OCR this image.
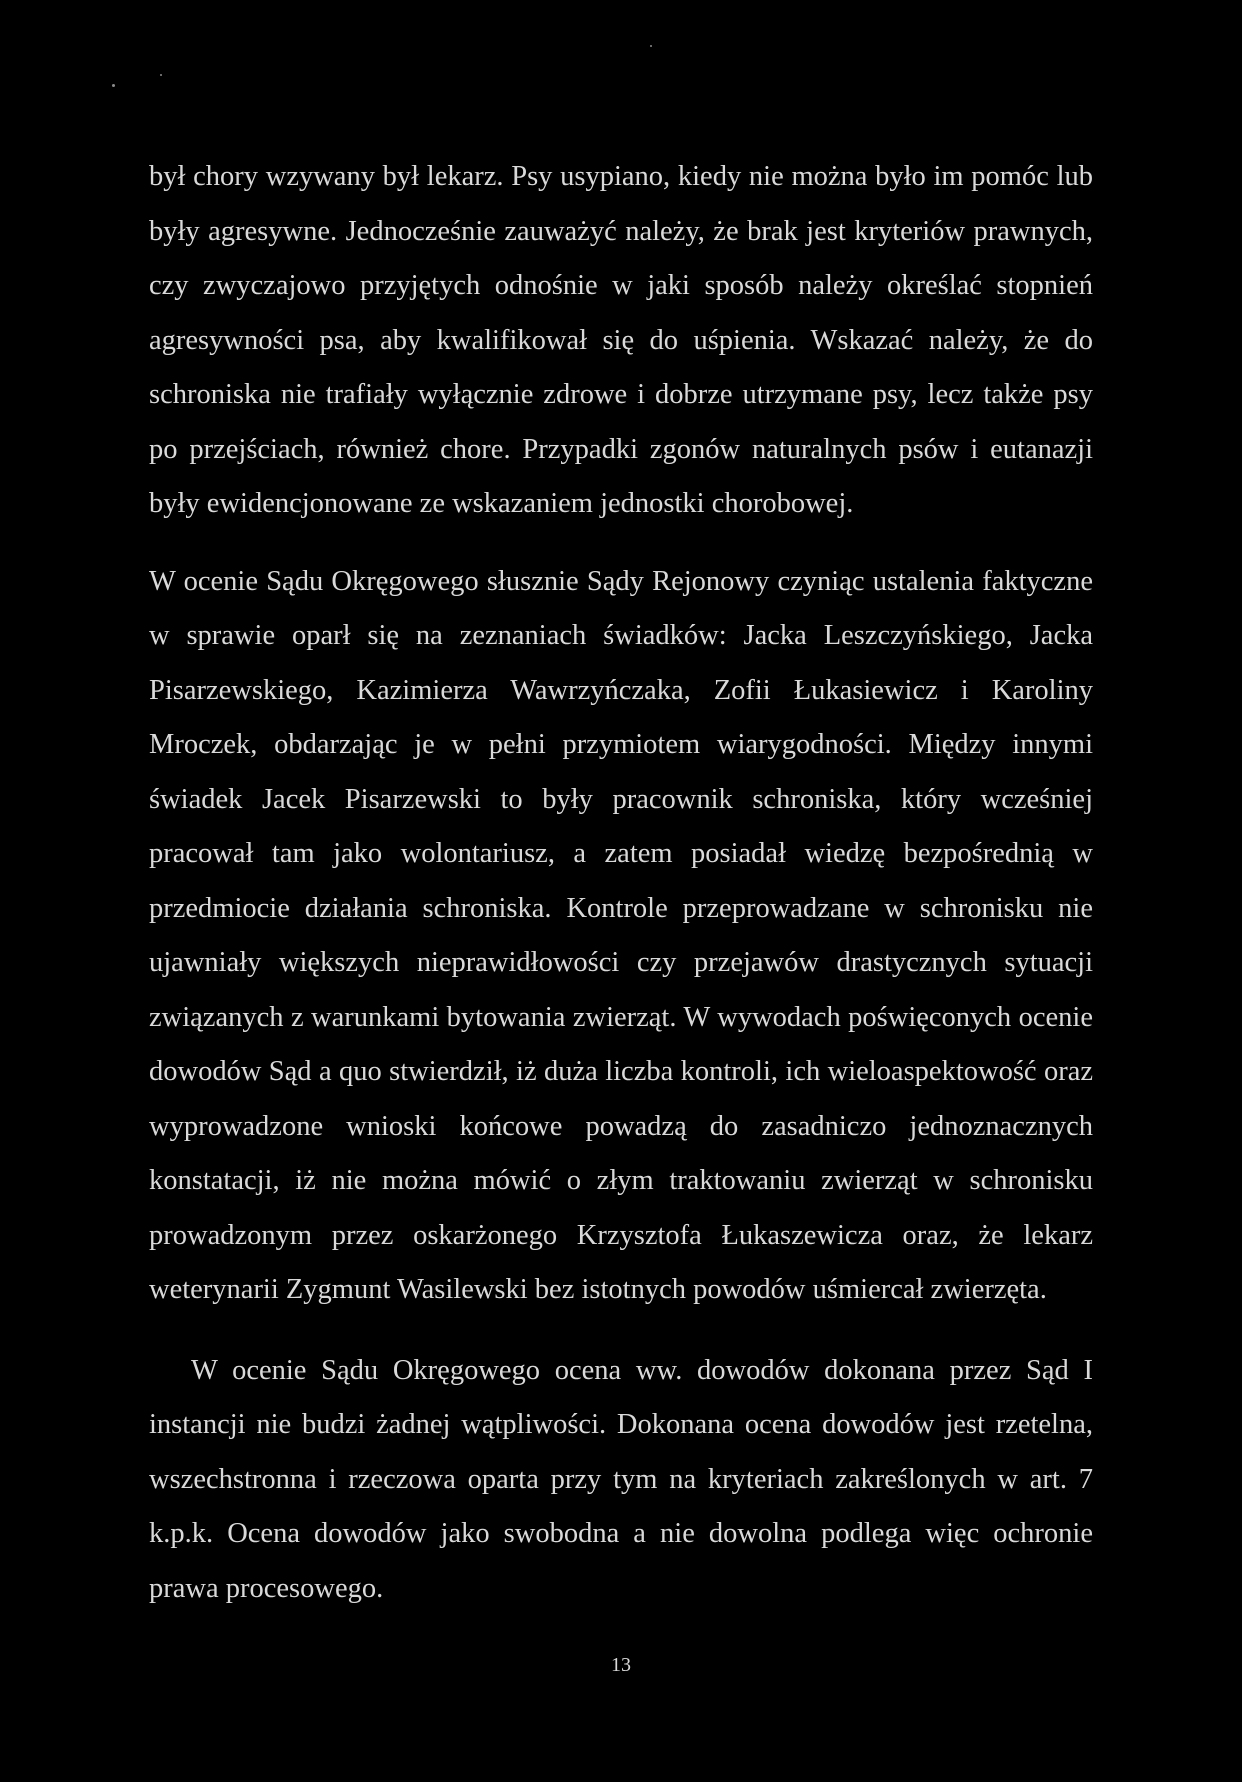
był chory wzywany był lekarz. Psy usypiano, kiedy nie można było im pomóc lub były agresywne. Jednocześnie zauważyć należy, że brak jest kryteriów prawnych, czy zwyczajowo przyjętych odnośnie w jaki sposób należy określać stopnień agresywności psa, aby kwalifikował się do uśpienia. Wskazać należy, że do schroniska nie trafiały wyłącznie zdrowe i dobrze utrzymane psy, lecz także psy po przejściach, również chore. Przypadki zgonów naturalnych psów i eutanazji były ewidencjonowane ze wskazaniem jednostki chorobowej.

W ocenie Sądu Okręgowego słusznie Sądy Rejonowy czyniąc ustalenia faktyczne w sprawie oparł się na zeznaniach świadków: Jacka Leszczyńskiego, Jacka Pisarzewskiego, Kazimierza Wawrzyńczaka, Zofii Łukasiewicz i Karoliny Mroczek, obdarzając je w pełni przymiotem wiarygodności. Między innymi świadek Jacek Pisarzewski to były pracownik schroniska, który wcześniej pracował tam jako wolontariusz, a zatem posiadał wiedzę bezpośrednią w przedmiocie działania schroniska. Kontrole przeprowadzane w schronisku nie ujawniały większych nieprawidłowości czy przejawów drastycznych sytuacji związanych z warunkami bytowania zwierząt. W wywodach poświęconych ocenie dowodów Sąd a quo stwierdził, iż duża liczba kontroli, ich wieloaspektowość oraz wyprowadzone wnioski końcowe powadzą do zasadniczo jednoznacznych konstatacji, iż nie można mówić o złym traktowaniu zwierząt w schronisku prowadzonym przez oskarżonego Krzysztofa Łukaszewicza oraz, że lekarz weterynarii Zygmunt Wasilewski bez istotnych powodów uśmiercał zwierzęta.

W ocenie Sądu Okręgowego ocena ww. dowodów dokonana przez Sąd I instancji nie budzi żadnej wątpliwości. Dokonana ocena dowodów jest rzetelna, wszechstronna i rzeczowa oparta przy tym na kryteriach zakreślonych w art. 7 k.p.k. Ocena dowodów jako swobodna a nie dowolna podlega więc ochronie prawa procesowego.

13
